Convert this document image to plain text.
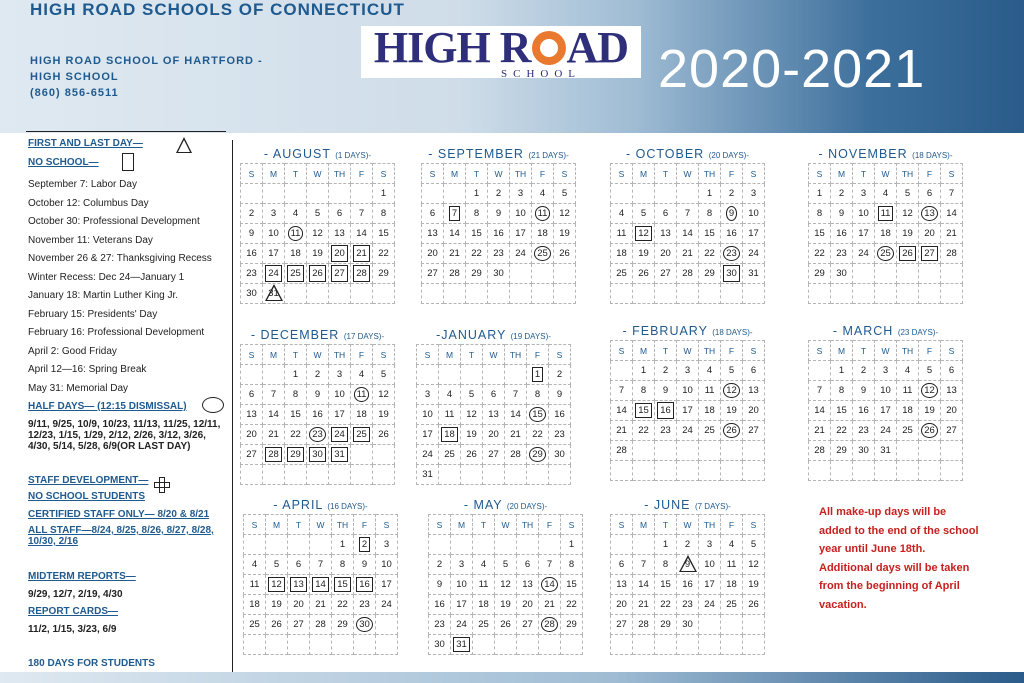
HIGH ROAD SCHOOLS OF CONNECTICUT
HIGH ROAD SCHOOL OF HARTFORD -
HIGH SCHOOL
(860) 856-6511
HIGH R AD
SCHOOL	2020-2021
FIRST AND LAST DAY—
NO SCHOOL—
September 7: Labor Day
October 12: Columbus Day
October 30: Professional Development
November 11: Veterans Day
November 26 & 27: Thanksgiving Recess
Winter Recess: Dec 24—January 1
January 18: Martin Luther King Jr.
February 15: Presidents' Day
February 16: Professional Development
April 2: Good Friday
April 12—16: Spring Break
May 31: Memorial Day
HALF DAYS— (12:15 DISMISSAL)
9/11, 9/25, 10/9, 10/23, 11/13, 11/25, 12/11, 12/23, 1/15, 1/29, 2/12, 2/26, 3/12, 3/26, 4/30, 5/14, 5/28, 6/9(OR LAST DAY)
STAFF DEVELOPMENT—
NO SCHOOL STUDENTS
CERTIFIED STAFF ONLY— 8/20 & 8/21
ALL STAFF—8/24, 8/25, 8/26, 8/27, 8/28, 10/30, 2/16
MIDTERM REPORTS—
9/29, 12/7, 2/19, 4/30
REPORT CARDS—
11/2, 1/15, 3/23, 6/9
180 DAYS FOR STUDENTS
- AUGUST (1 DAYS)-
S	M	T	W	TH	F	S
						1
2	3	4	5	6	7	8
9	10	11	12	13	14	15
16	17	18	19	20	21	22
23	24	25	26	27	28	29
30	31					
- SEPTEMBER (21 DAYS)-
S	M	T	W	TH	F	S
		1	2	3	4	5
6	7	8	9	10	11	12
13	14	15	16	17	18	19
20	21	22	23	24	25	26
27	28	29	30			

- OCTOBER (20 DAYS)-
S	M	T	W	TH	F	S
				1	2	3
4	5	6	7	8	9	10
11	12	13	14	15	16	17
18	19	20	21	22	23	24
25	26	27	28	29	30	31

- NOVEMBER (18 DAYS)-
S	M	T	W	TH	F	S
1	2	3	4	5	6	7
8	9	10	11	12	13	14
15	16	17	18	19	20	21
22	23	24	25	26	27	28
29	30					

- DECEMBER (17 DAYS)-
S	M	T	W	TH	F	S
		1	2	3	4	5
6	7	8	9	10	11	12
13	14	15	16	17	18	19
20	21	22	23	24	25	26
27	28	29	30	31		

-JANUARY (19 DAYS)-
S	M	T	W	TH	F	S
					1	2
3	4	5	6	7	8	9
10	11	12	13	14	15	16
17	18	19	20	21	22	23
24	25	26	27	28	29	30
31						
- FEBRUARY (18 DAYS)-
S	M	T	W	TH	F	S
	1	2	3	4	5	6
7	8	9	10	11	12	13
14	15	16	17	18	19	20
21	22	23	24	25	26	27
28						

- MARCH (23 DAYS)-
S	M	T	W	TH	F	S
	1	2	3	4	5	6
7	8	9	10	11	12	13
14	15	16	17	18	19	20
21	22	23	24	25	26	27
28	29	30	31			

- APRIL (16 DAYS)-
S	M	T	W	TH	F	S
				1	2	3
4	5	6	7	8	9	10
11	12	13	14	15	16	17
18	19	20	21	22	23	24
25	26	27	28	29	30	

- MAY (20 DAYS)-
S	M	T	W	TH	F	S
						1
2	3	4	5	6	7	8
9	10	11	12	13	14	15
16	17	18	19	20	21	22
23	24	25	26	27	28	29
30	31					
- JUNE (7 DAYS)-
S	M	T	W	TH	F	S
		1	2	3	4	5
6	7	8	9	10	11	12
13	14	15	16	17	18	19
20	21	22	23	24	25	26
27	28	29	30			

All make-up days will be added to the end of the school year until June 18th. Additional days will be taken from the beginning of April vacation.
